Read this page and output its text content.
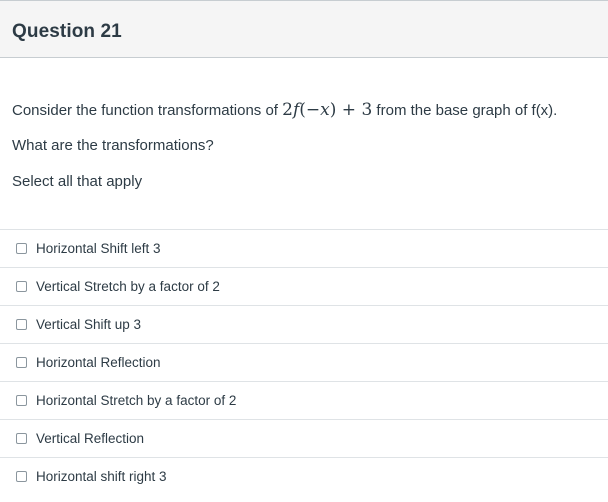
Question 21
Consider the function transformations of 2f(−x) + 3 from the base graph of f(x).
What are the transformations?
Select all that apply
Horizontal Shift left 3
Vertical Stretch by a factor of 2
Vertical Shift up 3
Horizontal Reflection
Horizontal Stretch by a factor of 2
Vertical Reflection
Horizontal shift right 3
